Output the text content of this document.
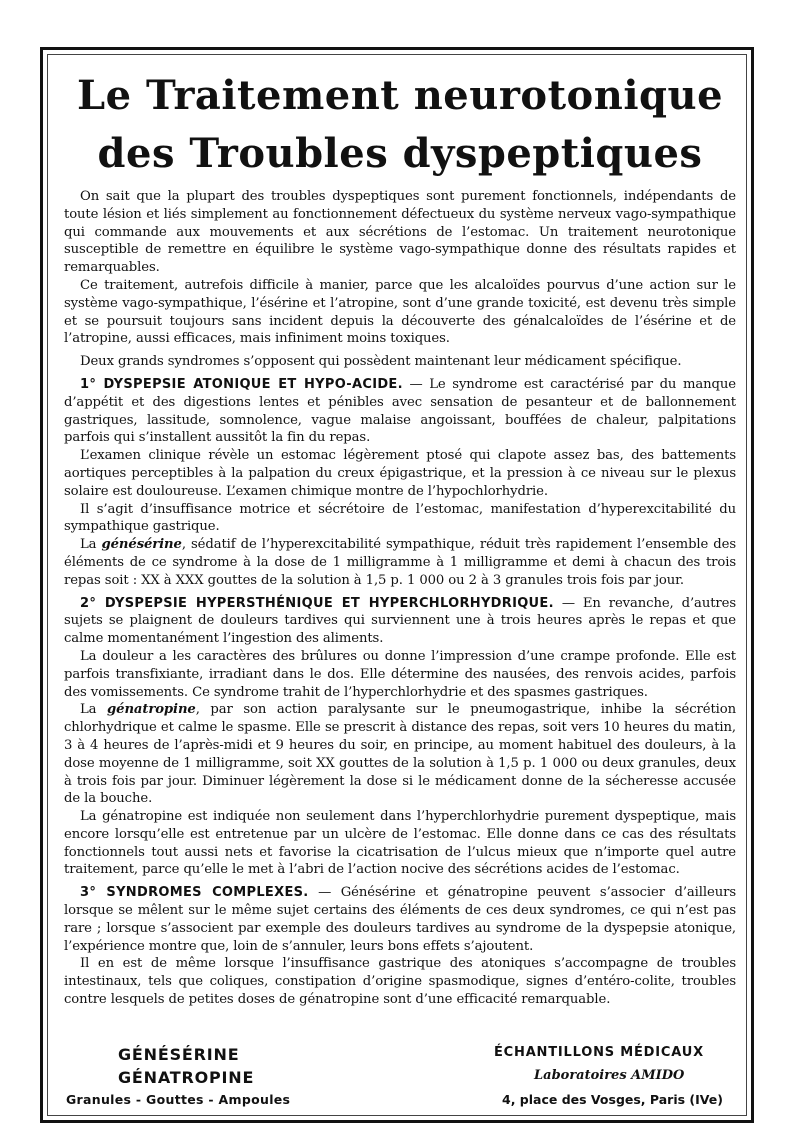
Le Traitement neurotonique
des Troubles dyspeptiques

On sait que la plupart des troubles dyspeptiques sont purement fonctionnels, indépendants de toute lésion et liés simplement au fonctionnement défectueux du système nerveux vago-sympathique qui commande aux mouvements et aux sécrétions de l’estomac. Un traitement neurotonique susceptible de remettre en équilibre le système vago-sympathique donne des résultats rapides et remarquables.

Ce traitement, autrefois difficile à manier, parce que les alcaloïdes pourvus d’une action sur le système vago-sympathique, l’ésérine et l’atropine, sont d’une grande toxicité, est devenu très simple et se poursuit toujours sans incident depuis la découverte des génalcaloïdes de l’ésérine et de l’atropine, aussi efficaces, mais infiniment moins toxiques.

Deux grands syndromes s’opposent qui possèdent maintenant leur médicament spécifique.

1° DYSPEPSIE ATONIQUE ET HYPO-ACIDE. — Le syndrome est caractérisé par du manque d’appétit et des digestions lentes et pénibles avec sensation de pesanteur et de ballonnement gastriques, lassitude, somnolence, vague malaise angoissant, bouffées de chaleur, palpitations parfois qui s’installent aussitôt la fin du repas.

L’examen clinique révèle un estomac légèrement ptosé qui clapote assez bas, des battements aortiques perceptibles à la palpation du creux épigastrique, et la pression à ce niveau sur le plexus solaire est douloureuse. L’examen chimique montre de l’hypochlorhydrie.

Il s’agit d’insuffisance motrice et sécrétoire de l’estomac, manifestation d’hyperexcitabilité du sympathique gastrique.

La génésérine, sédatif de l’hyperexcitabilité sympathique, réduit très rapidement l’ensemble des éléments de ce syndrome à la dose de 1 milligramme à 1 milligramme et demi à chacun des trois repas soit : XX à XXX gouttes de la solution à 1,5 p. 1 000 ou 2 à 3 granules trois fois par jour.

2° DYSPEPSIE HYPERSTHÉNIQUE ET HYPERCHLORHYDRIQUE. — En revanche, d’autres sujets se plaignent de douleurs tardives qui surviennent une à trois heures après le repas et que calme momentanément l’ingestion des aliments.

La douleur a les caractères des brûlures ou donne l’impression d’une crampe profonde. Elle est parfois transfixiante, irradiant dans le dos. Elle détermine des nausées, des renvois acides, parfois des vomissements. Ce syndrome trahit de l’hyperchlorhydrie et des spasmes gastriques.

La génatropine, par son action paralysante sur le pneumogastrique, inhibe la sécrétion chlorhydrique et calme le spasme. Elle se prescrit à distance des repas, soit vers 10 heures du matin, 3 à 4 heures de l’après-midi et 9 heures du soir, en principe, au moment habituel des douleurs, à la dose moyenne de 1 milligramme, soit XX gouttes de la solution à 1,5 p. 1 000 ou deux granules, deux à trois fois par jour. Diminuer légèrement la dose si le médicament donne de la sécheresse accusée de la bouche.

La génatropine est indiquée non seulement dans l’hyperchlorhydrie purement dyspeptique, mais encore lorsqu’elle est entretenue par un ulcère de l’estomac. Elle donne dans ce cas des résultats fonctionnels tout aussi nets et favorise la cicatrisation de l’ulcus mieux que n’importe quel autre traitement, parce qu’elle le met à l’abri de l’action nocive des sécrétions acides de l’estomac.

3° SYNDROMES COMPLEXES. — Génésérine et génatropine peuvent s’associer d’ailleurs lorsque se mêlent sur le même sujet certains des éléments de ces deux syndromes, ce qui n’est pas rare ; lorsque s’associent par exemple des douleurs tardives au syndrome de la dyspepsie atonique, l’expérience montre que, loin de s’annuler, leurs bons effets s’ajoutent.

Il en est de même lorsque l’insuffisance gastrique des atoniques s’accompagne de troubles intestinaux, tels que coliques, constipation d’origine spasmodique, signes d’entéro-colite, troubles contre lesquels de petites doses de génatropine sont d’une efficacité remarquable.

GÉNÉSÉRINE
GÉNATROPINE
Granules - Gouttes - Ampoules
ÉCHANTILLONS MÉDICAUX
Laboratoires AMIDO
4, place des Vosges, Paris (IVe)
